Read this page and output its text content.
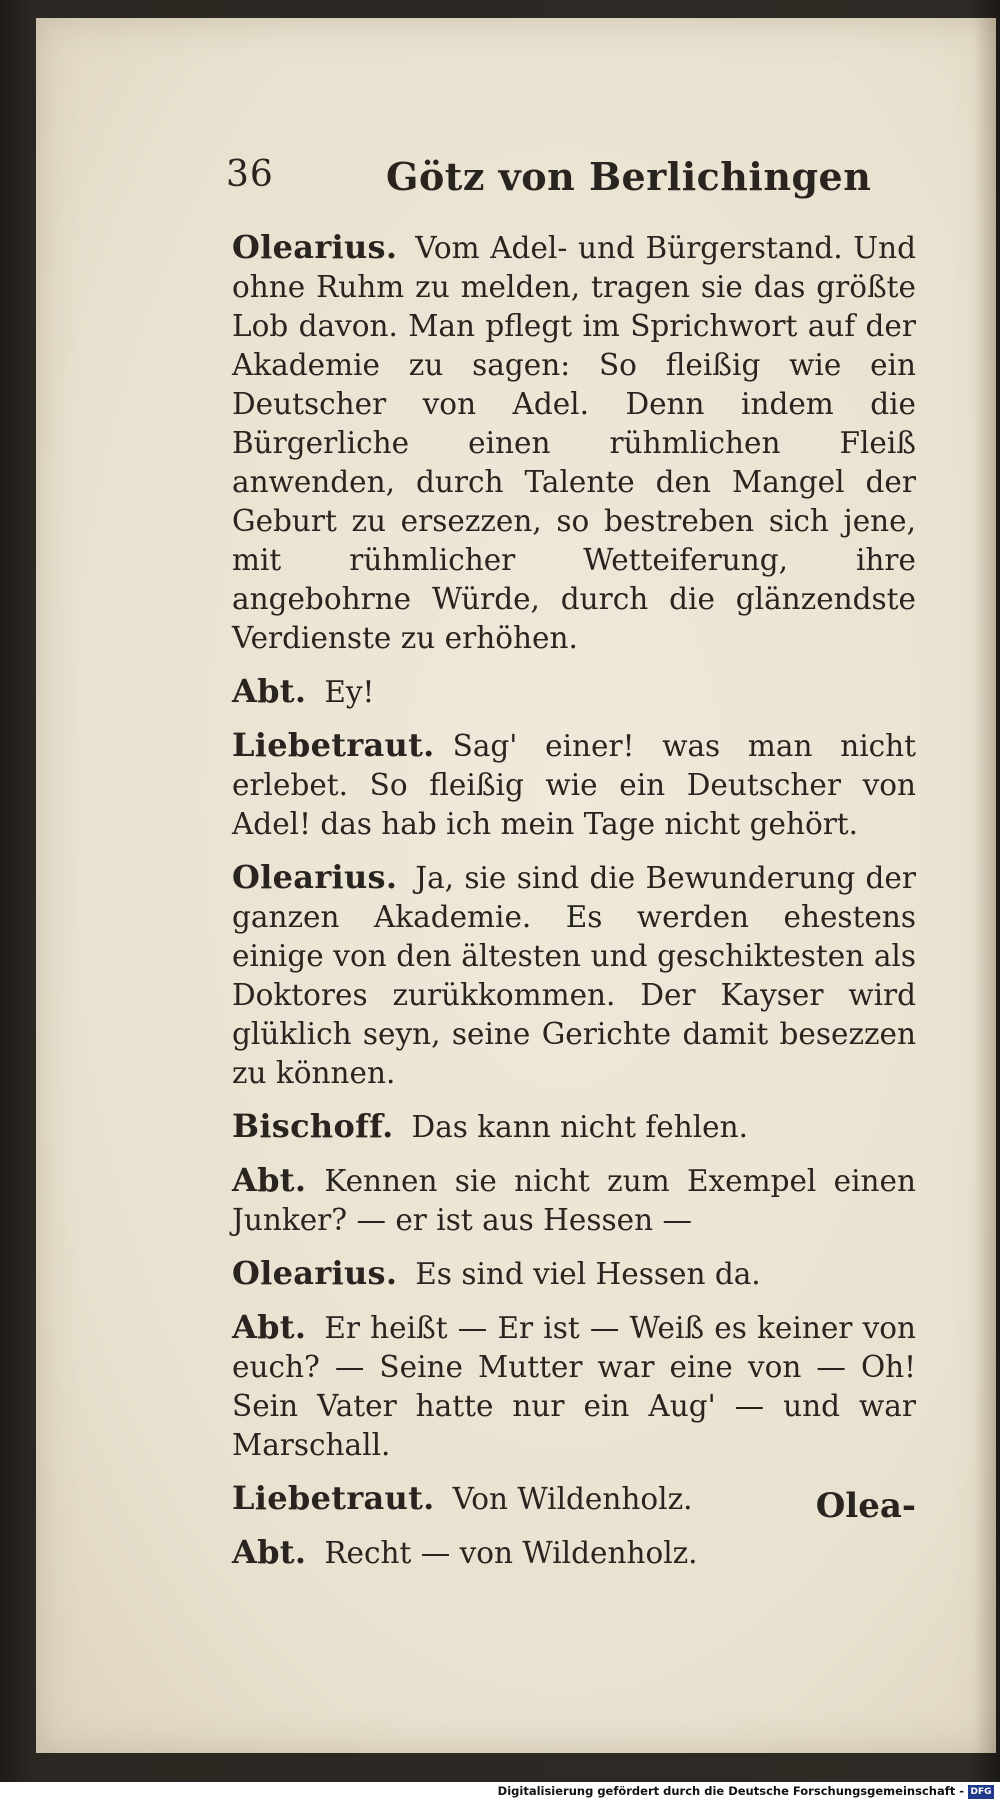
36	Götz von Berlichingen

Olearius. Vom Adel- und Bürgerstand. Und ohne Ruhm zu melden, tragen sie das größte Lob davon. Man pflegt im Sprichwort auf der Akademie zu sagen: So fleißig wie ein Deutscher von Adel. Denn indem die Bürgerliche einen rühmlichen Fleiß anwenden, durch Talente den Mangel der Geburt zu ersezzen, so bestreben sich jene, mit rühmlicher Wetteiferung, ihre angebohrne Würde, durch die glänzendste Verdienste zu erhöhen.

Abt. Ey!

Liebetraut. Sag' einer! was man nicht erlebet. So fleißig wie ein Deutscher von Adel! das hab ich mein Tage nicht gehört.

Olearius. Ja, sie sind die Bewunderung der ganzen Akademie. Es werden ehestens einige von den ältesten und geschiktesten als Doktores zurükkommen. Der Kayser wird glüklich seyn, seine Gerichte damit besezzen zu können.

Bischoff. Das kann nicht fehlen.

Abt. Kennen sie nicht zum Exempel einen Junker? — er ist aus Hessen —

Olearius. Es sind viel Hessen da.

Abt. Er heißt — Er ist — Weiß es keiner von euch? — Seine Mutter war eine von — Oh! Sein Vater hatte nur ein Aug' — und war Marschall.

Liebetraut. Von Wildenholz.

Abt. Recht — von Wildenholz.

Olea-
Digitalisierung gefördert durch die Deutsche Forschungsgemeinschaft - DFG
